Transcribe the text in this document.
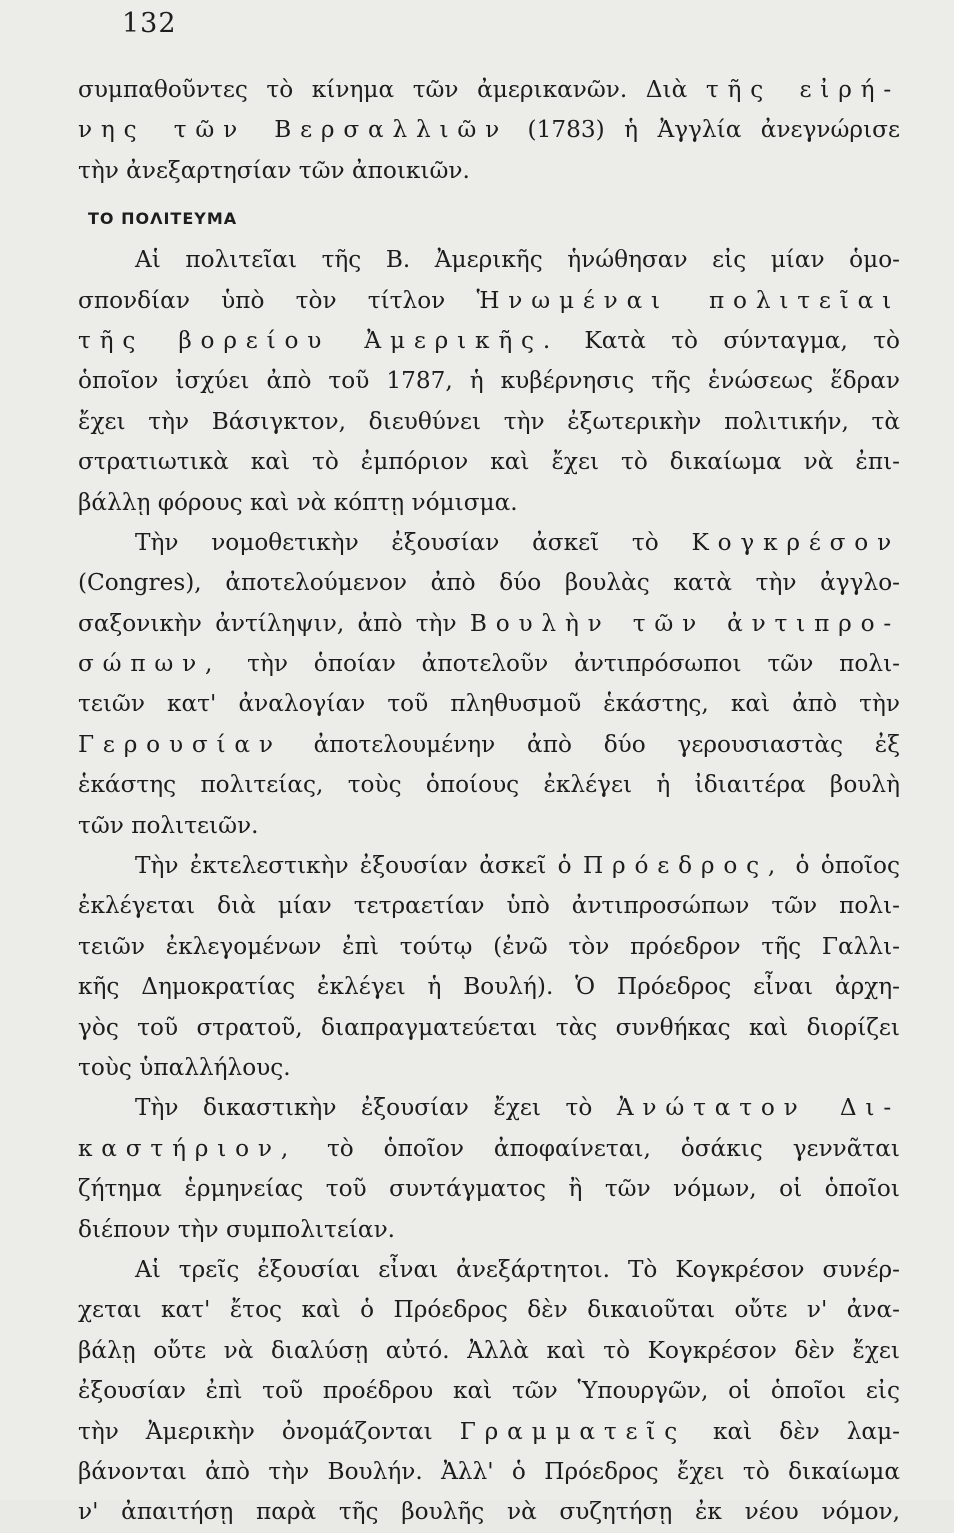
132
συμπαθοῦντες τὸ κίνημα τῶν ἀμερικανῶν. Διὰ τῆς εἰρή-
νης τῶν Βερσαλλιῶν (1783) ἡ Ἀγγλία ἀνεγνώρισε
τὴν ἀνεξαρτησίαν τῶν ἀποικιῶν.
ΤΟ ΠΟΛΙΤΕΥΜΑ
Αἱ πολιτεῖαι τῆς Β. Ἀμερικῆς ἡνώθησαν εἰς μίαν ὁμο-
σπονδίαν ὑπὸ τὸν τίτλον Ἡνωμέναι πολιτεῖαι
τῆς βορείου Ἀμερικῆς. Κατὰ τὸ σύνταγμα, τὸ
ὁποῖον ἰσχύει ἀπὸ τοῦ 1787, ἡ κυβέρνησις τῆς ἑνώσεως ἕδραν
ἔχει τὴν Βάσιγκτον, διευθύνει τὴν ἐξωτερικὴν πολιτικήν, τὰ
στρατιωτικὰ καὶ τὸ ἐμπόριον καὶ ἔχει τὸ δικαίωμα νὰ ἐπι-
βάλλῃ φόρους καὶ νὰ κόπτῃ νόμισμα.
Τὴν νομοθετικὴν ἐξουσίαν ἀσκεῖ τὸ Κογκρέσον
(Congres), ἀποτελούμενον ἀπὸ δύο βουλὰς κατὰ τὴν ἀγγλο-
σαξονικὴν ἀντίληψιν, ἀπὸ τὴν Βουλὴν τῶν ἀντιπρο-
σώπων, τὴν ὁποίαν ἀποτελοῦν ἀντιπρόσωποι τῶν πολι-
τειῶν κατ' ἀναλογίαν τοῦ πληθυσμοῦ ἑκάστης, καὶ ἀπὸ τὴν
Γερουσίαν ἀποτελουμένην ἀπὸ δύο γερουσιαστὰς ἐξ
ἑκάστης πολιτείας, τοὺς ὁποίους ἐκλέγει ἡ ἰδιαιτέρα βουλὴ
τῶν πολιτειῶν.
Τὴν ἐκτελεστικὴν ἐξουσίαν ἀσκεῖ ὁ Πρόεδρος, ὁ ὁποῖος
ἐκλέγεται διὰ μίαν τετραετίαν ὑπὸ ἀντιπροσώπων τῶν πολι-
τειῶν ἐκλεγομένων ἐπὶ τούτῳ (ἐνῶ τὸν πρόεδρον τῆς Γαλλι-
κῆς Δημοκρατίας ἐκλέγει ἡ Βουλή). Ὁ Πρόεδρος εἶναι ἀρχη-
γὸς τοῦ στρατοῦ, διαπραγματεύεται τὰς συνθήκας καὶ διορίζει
τοὺς ὑπαλλήλους.
Τὴν δικαστικὴν ἐξουσίαν ἔχει τὸ Ἀνώτατον Δι-
καστήριον, τὸ ὁποῖον ἀποφαίνεται, ὁσάκις γεννᾶται
ζήτημα ἑρμηνείας τοῦ συντάγματος ἢ τῶν νόμων, οἱ ὁποῖοι
διέπουν τὴν συμπολιτείαν.
Αἱ τρεῖς ἐξουσίαι εἶναι ἀνεξάρτητοι. Τὸ Κογκρέσον συνέρ-
χεται κατ' ἔτος καὶ ὁ Πρόεδρος δὲν δικαιοῦται οὔτε ν' ἀνα-
βάλῃ οὔτε νὰ διαλύσῃ αὐτό. Ἀλλὰ καὶ τὸ Κογκρέσον δὲν ἔχει
ἐξουσίαν ἐπὶ τοῦ προέδρου καὶ τῶν Ὑπουργῶν, οἱ ὁποῖοι εἰς
τὴν Ἀμερικὴν ὀνομάζονται Γραμματεῖς καὶ δὲν λαμ-
βάνονται ἀπὸ τὴν Βουλήν. Ἀλλ' ὁ Πρόεδρος ἔχει τὸ δικαίωμα
ν' ἀπαιτήσῃ παρὰ τῆς βουλῆς νὰ συζητήσῃ ἐκ νέου νόμον,
